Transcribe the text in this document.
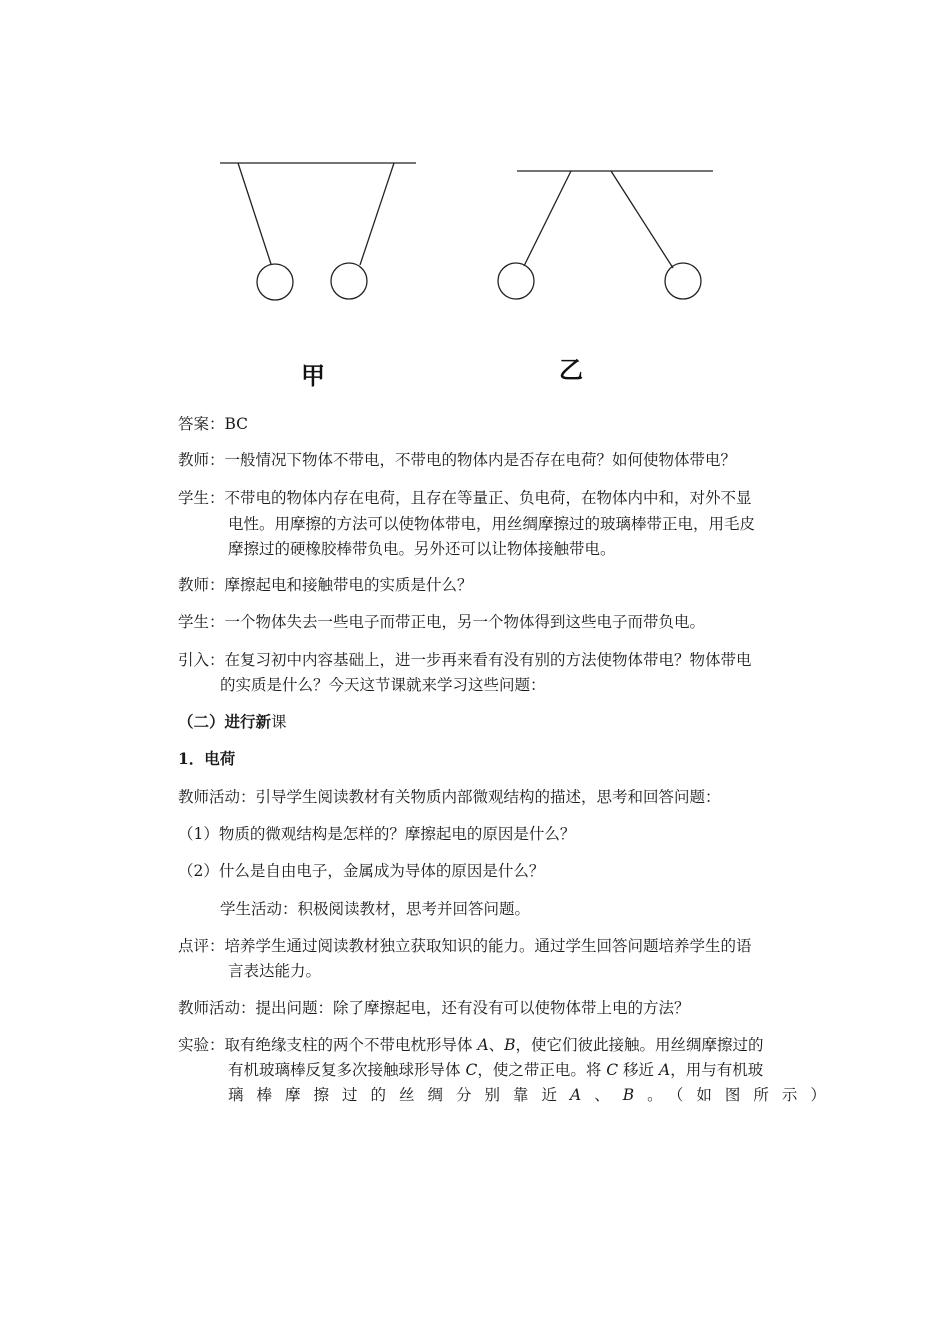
甲	乙
答案：BC
教师：一般情况下物体不带电，不带电的物体内是否存在电荷？如何使物体带电？
学生：不带电的物体内存在电荷，且存在等量正、负电荷，在物体内中和，对外不显
电性。用摩擦的方法可以使物体带电，用丝绸摩擦过的玻璃棒带正电，用毛皮
摩擦过的硬橡胶棒带负电。另外还可以让物体接触带电。
教师：摩擦起电和接触带电的实质是什么？
学生：一个物体失去一些电子而带正电，另一个物体得到这些电子而带负电。
引入：在复习初中内容基础上，进一步再来看有没有别的方法使物体带电？物体带电
的实质是什么？今天这节课就来学习这些问题：
（二）进行新课
1．电荷
教师活动：引导学生阅读教材有关物质内部微观结构的描述，思考和回答问题：
（1）物质的微观结构是怎样的？摩擦起电的原因是什么？
（2）什么是自由电子，金属成为导体的原因是什么？
学生活动：积极阅读教材，思考并回答问题。
点评：培养学生通过阅读教材独立获取知识的能力。通过学生回答问题培养学生的语
言表达能力。
教师活动：提出问题：除了摩擦起电，还有没有可以使物体带上电的方法？
实验：取有绝缘支柱的两个不带电枕形导体 A、B，使它们彼此接触。用丝绸摩擦过的
有机玻璃棒反复多次接触球形导体 C，使之带正电。将 C 移近 A，用与有机玻
璃棒摩擦过的丝绸分别靠近A、B。（如图所示）
